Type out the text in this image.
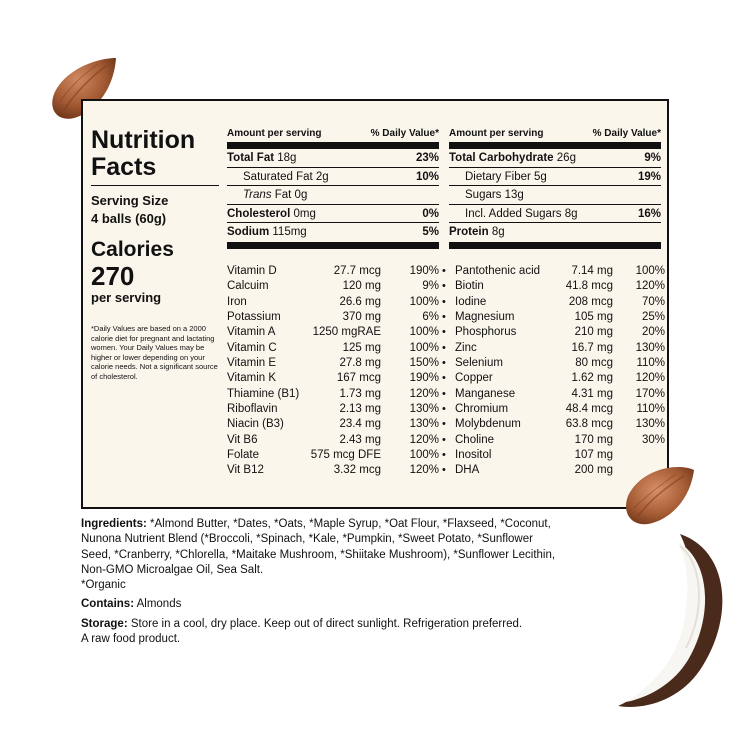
Nutrition Facts
Serving Size
4 balls (60g)
Calories
270
per serving
*Daily Values are based on a 2000 calorie diet for pregnant and lactating women. Your Daily Values may be higher or lower depending on your calorie needs. Not a significant source of cholesterol.
Amount per serving	% Daily Value*
Total Fat 18g	23%
Saturated Fat 2g	10%
Trans Fat 0g
Cholesterol 0mg	0%
Sodium 115mg	5%
Amount per serving	% Daily Value*
Total Carbohydrate 26g	9%
Dietary Fiber 5g	19%
Sugars 13g
Incl. Added Sugars 8g	16%
Protein 8g
Vitamin D	27.7 mcg 190%
Calcuim	120 mg	9%
Iron	26.6 mg 100%
Potassium	370 mg	6%
Vitamin A	1250 mgRAE 100%
Vitamin C	125 mg 100%
Vitamin E	27.8 mg 150%
Vitamin K	167 mcg 190%
Thiamine (B1)	1.73 mg 120%
Riboflavin	2.13 mg 130%
Niacin (B3)	23.4 mg 130%
Vit B6	2.43 mg 120%
Folate	575 mcg DFE 100%
Vit B12	3.32 mcg 120%
•
•
•
•
•
•
•
•
•
•
•
•
•
•
Pantothenic acid	7.14 mg 100%
Biotin	41.8 mcg 120%
Iodine	208 mcg	70%
Magnesium	105 mg	25%
Phosphorus	210 mg	20%
Zinc	16.7 mg 130%
Selenium	80 mcg 110%
Copper	1.62 mg 120%
Manganese	4.31 mg 170%
Chromium	48.4 mcg 110%
Molybdenum	63.8 mcg 130%
Choline	170 mg	30%
Inositol	107 mg
DHA	200 mg
Ingredients: *Almond Butter, *Dates, *Oats, *Maple Syrup, *Oat Flour, *Flaxseed, *Coconut, Nunona Nutrient Blend (*Broccoli, *Spinach, *Kale, *Pumpkin, *Sweet Potato, *Sunflower Seed, *Cranberry, *Chlorella, *Maitake Mushroom, *Shiitake Mushroom), *Sunflower Lecithin, Non-GMO Microalgae Oil, Sea Salt.
*Organic
Contains: Almonds
Storage: Store in a cool, dry place. Keep out of direct sunlight. Refrigeration preferred.
A raw food product.
